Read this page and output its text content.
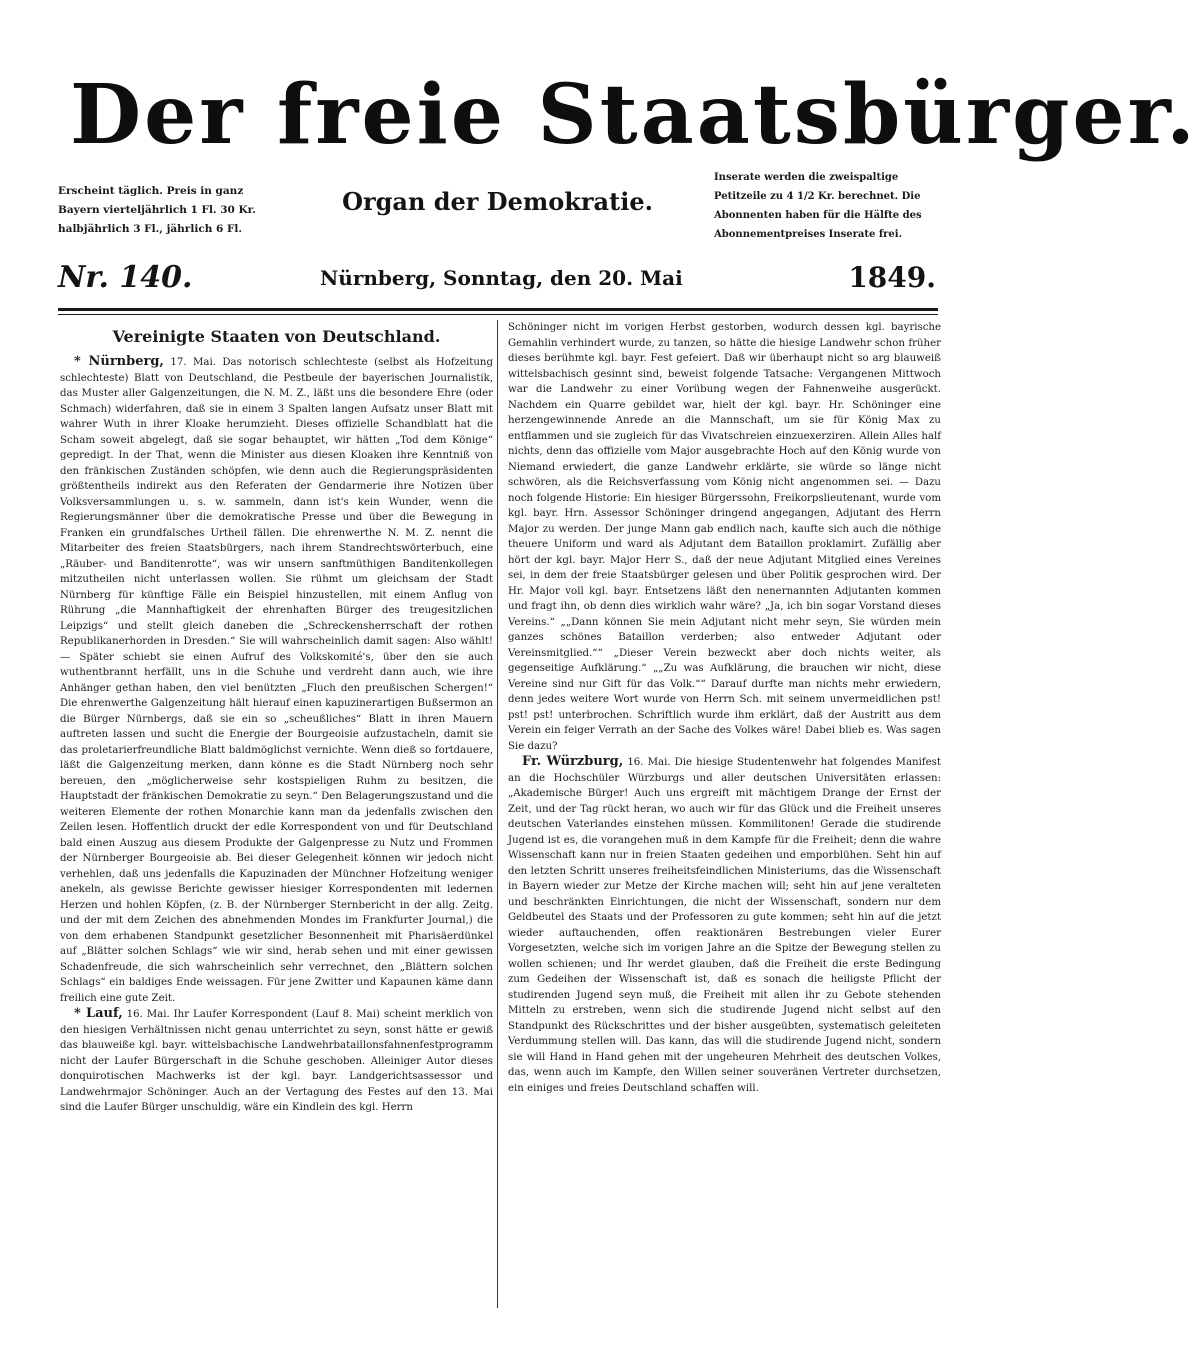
Der freie Staatsbürger.
Erscheint täglich. Preis in ganz Bayern vierteljährlich 1 Fl. 30 Kr. halbjährlich 3 Fl., jährlich 6 Fl.
Organ der Demokratie.
Inserate werden die zweispaltige Petitzeile zu 4 1/2 Kr. berechnet. Die Abonnenten haben für die Hälfte des Abonnementpreises Inserate frei.
Nr. 140.	Nürnberg, Sonntag, den 20. Mai	1849.
Vereinigte Staaten von Deutschland.

* Nürnberg, 17. Mai. Das notorisch schlechteste (selbst als Hofzeitung schlechteste) Blatt von Deutschland, die Pestbeule der bayerischen Journalistik, das Muster aller Galgenzeitungen, die N. M. Z., läßt uns die besondere Ehre (oder Schmach) widerfahren, daß sie in einem 3 Spalten langen Aufsatz unser Blatt mit wahrer Wuth in ihrer Kloake herumzieht. Dieses offizielle Schandblatt hat die Scham soweit abgelegt, daß sie sogar behauptet, wir hätten „Tod dem Könige“ gepredigt. In der That, wenn die Minister aus diesen Kloaken ihre Kenntniß von den fränkischen Zuständen schöpfen, wie denn auch die Regierungspräsidenten größtentheils indirekt aus den Referaten der Gendarmerie ihre Notizen über Volksversammlungen u. s. w. sammeln, dann ist's kein Wunder, wenn die Regierungsmänner über die demokratische Presse und über die Bewegung in Franken ein grundfalsches Urtheil fällen. Die ehrenwerthe N. M. Z. nennt die Mitarbeiter des freien Staatsbürgers, nach ihrem Standrechtswörterbuch, eine „Räuber- und Banditenrotte“, was wir unsern sanftmüthigen Banditenkollegen mitzutheilen nicht unterlassen wollen. Sie rühmt um gleichsam der Stadt Nürnberg für künftige Fälle ein Beispiel hinzustellen, mit einem Anflug von Rührung „die Mannhaftigkeit der ehrenhaften Bürger des treugesitzlichen Leipzigs“ und stellt gleich daneben die „Schreckensherrschaft der rothen Republikanerhorden in Dresden.“ Sie will wahrscheinlich damit sagen: Also wählt! — Später schiebt sie einen Aufruf des Volkskomité's, über den sie auch wuthentbrannt herfällt, uns in die Schuhe und verdreht dann auch, wie ihre Anhänger gethan haben, den viel benützten „Fluch den preußischen Schergen!“ Die ehrenwerthe Galgenzeitung hält hierauf einen kapuzinerartigen Bußsermon an die Bürger Nürnbergs, daß sie ein so „scheußliches“ Blatt in ihren Mauern auftreten lassen und sucht die Energie der Bourgeoisie aufzustacheln, damit sie das proletarierfreundliche Blatt baldmöglichst vernichte. Wenn dieß so fortdauere, läßt die Galgenzeitung merken, dann könne es die Stadt Nürnberg noch sehr bereuen, den „möglicherweise sehr kostspieligen Ruhm zu besitzen, die Hauptstadt der fränkischen Demokratie zu seyn.“ Den Belagerungszustand und die weiteren Elemente der rothen Monarchie kann man da jedenfalls zwischen den Zeilen lesen. Hoffentlich druckt der edle Korrespondent von und für Deutschland bald einen Auszug aus diesem Produkte der Galgenpresse zu Nutz und Frommen der Nürnberger Bourgeoisie ab. Bei dieser Gelegenheit können wir jedoch nicht verhehlen, daß uns jedenfalls die Kapuzinaden der Münchner Hofzeitung weniger anekeln, als gewisse Berichte gewisser hiesiger Korrespondenten mit ledernen Herzen und hohlen Köpfen, (z. B. der Nürnberger Sternbericht in der allg. Zeitg. und der mit dem Zeichen des abnehmenden Mondes im Frankfurter Journal,) die von dem erhabenen Standpunkt gesetzlicher Besonnenheit mit Pharisäerdünkel auf „Blätter solchen Schlags“ wie wir sind, herab sehen und mit einer gewissen Schadenfreude, die sich wahrscheinlich sehr verrechnet, den „Blättern solchen Schlags“ ein baldiges Ende weissagen. Für jene Zwitter und Kapaunen käme dann freilich eine gute Zeit.

* Lauf, 16. Mai. Ihr Laufer Korrespondent (Lauf 8. Mai) scheint merklich von den hiesigen Verhältnissen nicht genau unterrichtet zu seyn, sonst hätte er gewiß das blauweiße kgl. bayr. wittelsbachische Landwehrbataillonsfahnenfestprogramm nicht der Laufer Bürgerschaft in die Schuhe geschoben. Alleiniger Autor dieses donquirotischen Machwerks ist der kgl. bayr. Landgerichtsassessor und Landwehrmajor Schöninger. Auch an der Vertagung des Festes auf den 13. Mai sind die Laufer Bürger unschuldig, wäre ein Kindlein des kgl. Herrn

Schöninger nicht im vorigen Herbst gestorben, wodurch dessen kgl. bayrische Gemahlin verhindert wurde, zu tanzen, so hätte die hiesige Landwehr schon früher dieses berühmte kgl. bayr. Fest gefeiert. Daß wir überhaupt nicht so arg blauweiß wittelsbachisch gesinnt sind, beweist folgende Tatsache: Vergangenen Mittwoch war die Landwehr zu einer Vorübung wegen der Fahnenweihe ausgerückt. Nachdem ein Quarre gebildet war, hielt der kgl. bayr. Hr. Schöninger eine herzengewinnende Anrede an die Mannschaft, um sie für König Max zu entflammen und sie zugleich für das Vivatschreien einzuexerziren. Allein Alles half nichts, denn das offizielle vom Major ausgebrachte Hoch auf den König wurde von Niemand erwiedert, die ganze Landwehr erklärte, sie würde so länge nicht schwören, als die Reichsverfassung vom König nicht angenommen sei. — Dazu noch folgende Historie: Ein hiesiger Bürgerssohn, Freikorpslieutenant, wurde vom kgl. bayr. Hrn. Assessor Schöninger dringend angegangen, Adjutant des Herrn Major zu werden. Der junge Mann gab endlich nach, kaufte sich auch die nöthige theuere Uniform und ward als Adjutant dem Bataillon proklamirt. Zufällig aber hört der kgl. bayr. Major Herr S., daß der neue Adjutant Mitglied eines Vereines sei, in dem der freie Staatsbürger gelesen und über Politik gesprochen wird. Der Hr. Major voll kgl. bayr. Entsetzens läßt den nenernannten Adjutanten kommen und fragt ihn, ob denn dies wirklich wahr wäre? „Ja, ich bin sogar Vorstand dieses Vereins.“ „„Dann können Sie mein Adjutant nicht mehr seyn, Sie würden mein ganzes schönes Bataillon verderben; also entweder Adjutant oder Vereinsmitglied.““ „Dieser Verein bezweckt aber doch nichts weiter, als gegenseitige Aufklärung.“ „„Zu was Aufklärung, die brauchen wir nicht, diese Vereine sind nur Gift für das Volk.““ Darauf durfte man nichts mehr erwiedern, denn jedes weitere Wort wurde von Herrn Sch. mit seinem unvermeidlichen pst! pst! pst! unterbrochen. Schriftlich wurde ihm erklärt, daß der Austritt aus dem Verein ein feiger Verrath an der Sache des Volkes wäre! Dabei blieb es. Was sagen Sie dazu?

Fr. Würzburg, 16. Mai. Die hiesige Studentenwehr hat folgendes Manifest an die Hochschüler Würzburgs und aller deutschen Universitäten erlassen: „Akademische Bürger! Auch uns ergreift mit mächtigem Drange der Ernst der Zeit, und der Tag rückt heran, wo auch wir für das Glück und die Freiheit unseres deutschen Vaterlandes einstehen müssen. Kommilitonen! Gerade die studirende Jugend ist es, die vorangehen muß in dem Kampfe für die Freiheit; denn die wahre Wissenschaft kann nur in freien Staaten gedeihen und emporblühen. Seht hin auf den letzten Schritt unseres freiheitsfeindlichen Ministeriums, das die Wissenschaft in Bayern wieder zur Metze der Kirche machen will; seht hin auf jene veralteten und beschränkten Einrichtungen, die nicht der Wissenschaft, sondern nur dem Geldbeutel des Staats und der Professoren zu gute kommen; seht hin auf die jetzt wieder auftauchenden, offen reaktionären Bestrebungen vieler Eurer Vorgesetzten, welche sich im vorigen Jahre an die Spitze der Bewegung stellen zu wollen schienen; und Ihr werdet glauben, daß die Freiheit die erste Bedingung zum Gedeihen der Wissenschaft ist, daß es sonach die heiligste Pflicht der studirenden Jugend seyn muß, die Freiheit mit allen ihr zu Gebote stehenden Mitteln zu erstreben, wenn sich die studirende Jugend nicht selbst auf den Standpunkt des Rückschrittes und der bisher ausgeübten, systematisch geleiteten Verdummung stellen will. Das kann, das will die studirende Jugend nicht, sondern sie will Hand in Hand gehen mit der ungeheuren Mehrheit des deutschen Volkes, das, wenn auch im Kampfe, den Willen seiner souveränen Vertreter durchsetzen, ein einiges und freies Deutschland schaffen will.
